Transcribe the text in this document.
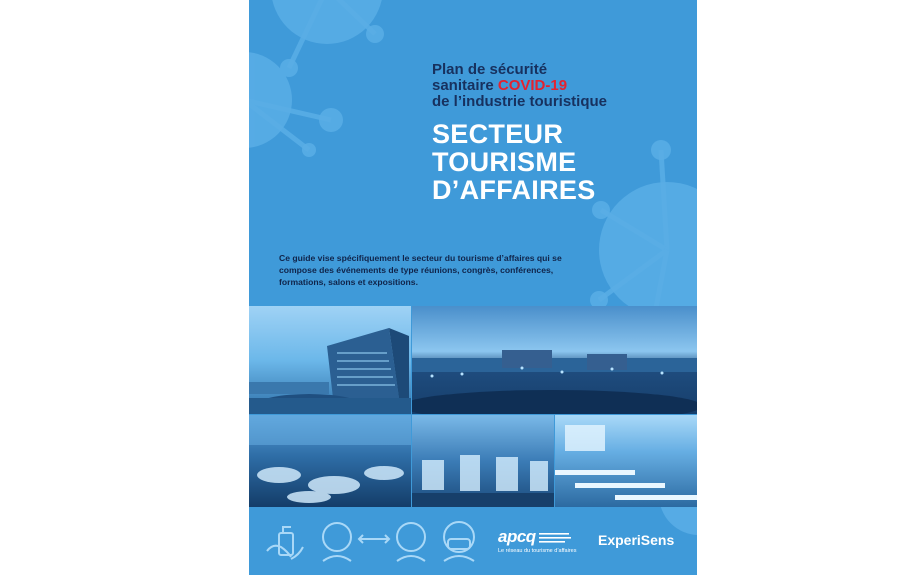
Plan de sécurité
sanitaire COVID-19
de l’industrie touristique
SECTEUR
TOURISME
D’AFFAIRES
Ce guide vise spécifiquement le secteur du tourisme d’affaires qui se compose des événements de type réunions, congrès, conférences, formations, salons et expositions.
apcq
Le réseau du tourisme d’affaires
ExperiSens
